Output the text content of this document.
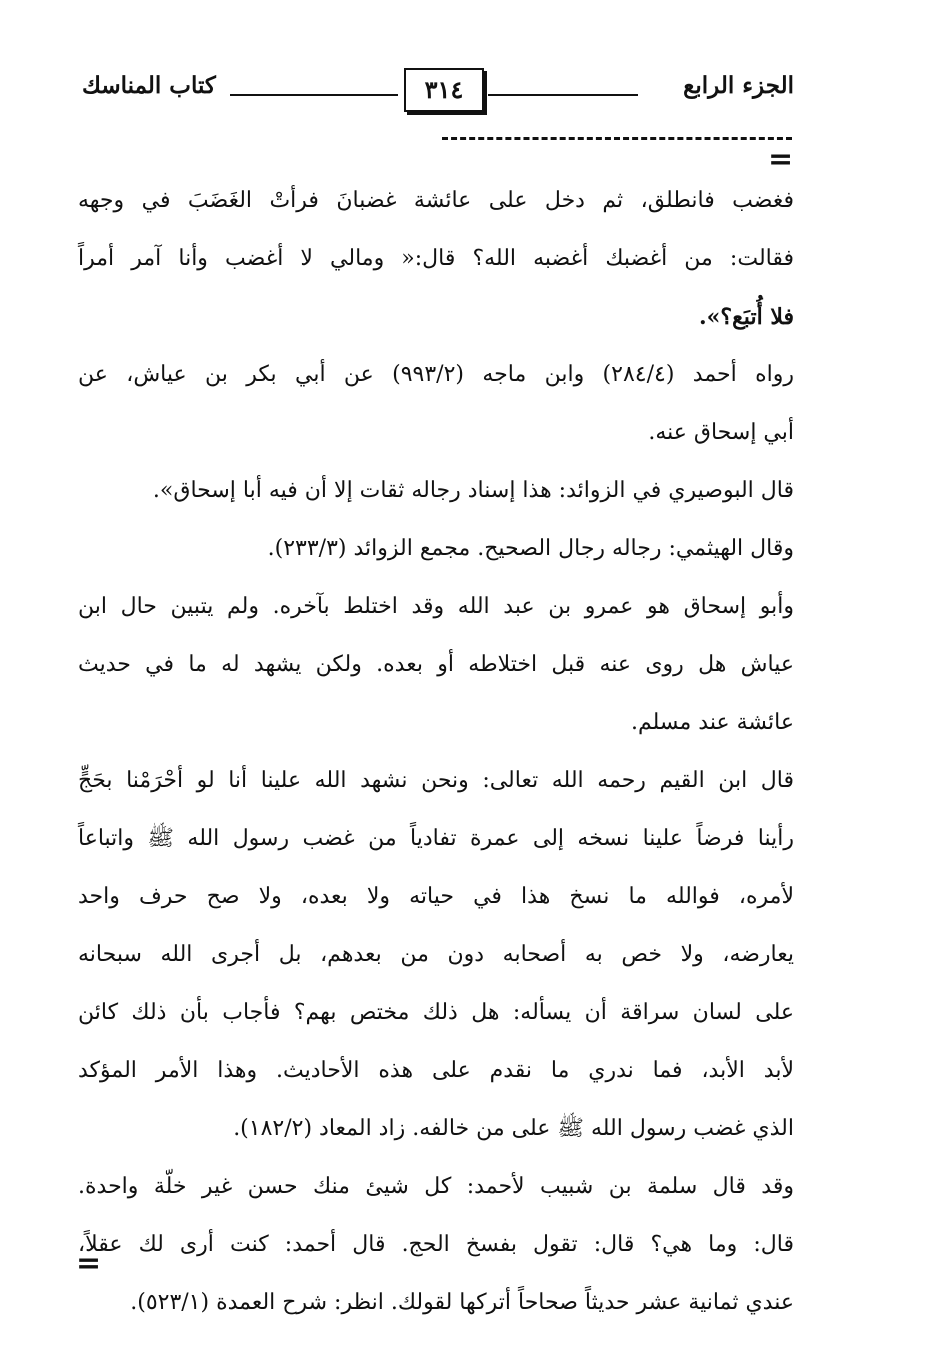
الجزء الرابع
٣١٤
كتاب المناسك
=
فغضب فانطلق، ثم دخل على عائشة غضبانَ فرأتْ الغَضَبَ في وجهه
فقالت: من أغضبك أغضبه الله؟ قال:« ومالي لا أغضب وأنا آمر أمراً
فلا أُتبَع؟».
رواه أحمد (٢٨٤/٤) وابن ماجه (٩٩٣/٢) عن أبي بكر بن عياش، عن
أبي إسحاق عنه.
قال البوصيري في الزوائد: هذا إسناد رجاله ثقات إلا أن فيه أبا إسحاق».
وقال الهيثمي: رجاله رجال الصحيح. مجمع الزوائد (٢٣٣/٣).
وأبو إسحاق هو عمرو بن عبد الله وقد اختلط بآخره. ولم يتبين حال ابن
عياش هل روى عنه قبل اختلاطه أو بعده. ولكن يشهد له ما في حديث
عائشة عند مسلم.
قال ابن القيم رحمه الله تعالى: ونحن نشهد الله علينا أنا لو أحْرَمْنا بحَجٍّ
رأينا فرضاً علينا نسخه إلى عمرة تفادياً من غضب رسول الله ﷺ واتباعاً
لأمره، فوالله ما نسخ هذا في حياته ولا بعده، ولا صح حرف واحد
يعارضه، ولا خص به أصحابه دون من بعدهم، بل أجرى الله سبحانه
على لسان سراقة أن يسأله: هل ذلك مختص بهم؟ فأجاب بأن ذلك كائن
لأبد الأبد، فما ندري ما نقدم على هذه الأحاديث. وهذا الأمر المؤكد
الذي غضب رسول الله ﷺ على من خالفه. زاد المعاد (١٨٢/٢).
وقد قال سلمة بن شبيب لأحمد: كل شيئ منك حسن غير خلّة واحدة.
قال: وما هي؟ قال: تقول بفسخ الحج. قال أحمد: كنت أرى لك عقلاً،
عندي ثمانية عشر حديثاً صحاحاً أتركها لقولك. انظر: شرح العمدة (٥٢٣/١).
=
